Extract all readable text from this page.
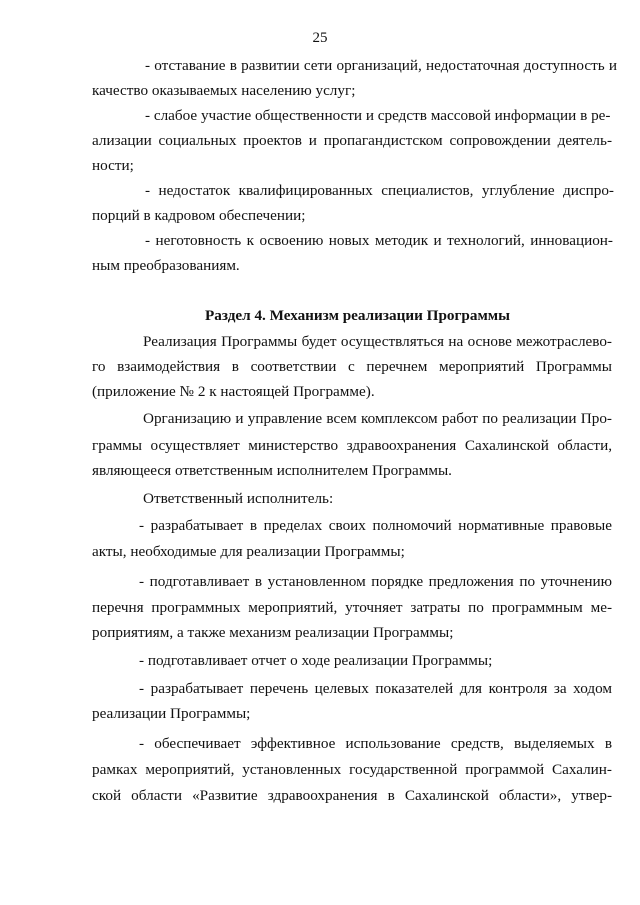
25
- отставание в развитии сети организаций, недостаточная доступность и
качество оказываемых населению услуг;
- слабое участие общественности и средств массовой информации в ре-
ализации социальных проектов и пропагандистском сопровождении деятель-
ности;
- недостаток квалифицированных специалистов, углубление диспро-
порций в кадровом обеспечении;
- неготовность к освоению новых методик и технологий, инновацион-
ным преобразованиям.
Раздел 4. Механизм реализации Программы
Реализация Программы будет осуществляться на основе межотраслево-
го взаимодействия в соответствии с перечнем мероприятий Программы
(приложение № 2 к настоящей Программе).
Организацию и управление всем комплексом работ по реализации Про-
граммы осуществляет министерство здравоохранения Сахалинской области,
являющееся ответственным исполнителем Программы.
Ответственный исполнитель:
- разрабатывает в пределах своих полномочий нормативные правовые
акты, необходимые для реализации Программы;
- подготавливает в установленном порядке предложения по уточнению
перечня программных мероприятий, уточняет затраты по программным ме-
роприятиям, а также механизм реализации Программы;
- подготавливает отчет о ходе реализации Программы;
- разрабатывает перечень целевых показателей для контроля за ходом
реализации Программы;
- обеспечивает эффективное использование средств, выделяемых в
рамках мероприятий, установленных государственной программой Сахалин-
ской области «Развитие здравоохранения в Сахалинской области», утвер-
